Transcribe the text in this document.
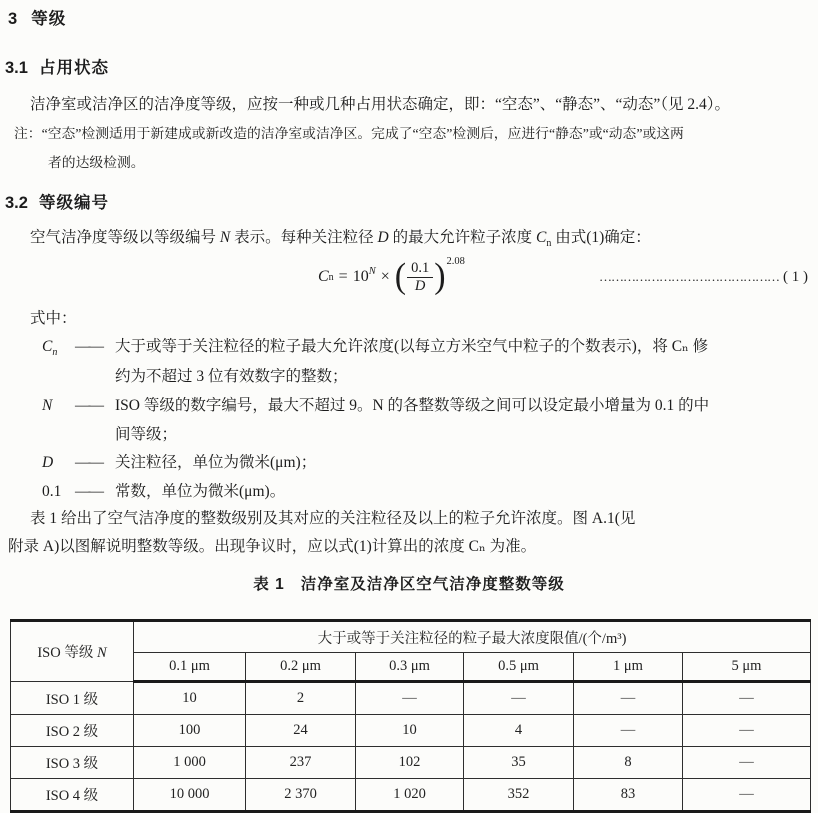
3 等级
3.1 占用状态
洁净室或洁净区的洁净度等级，应按一种或几种占用状态确定，即：“空态”、“静态”、“动态”（见 2.4）。
注：“空态”检测适用于新建成或新改造的洁净室或洁净区。完成了“空态”检测后，应进行“静态”或“动态”或这两
者的达级检测。
3.2 等级编号
空气洁净度等级以等级编号 N 表示。每种关注粒径 D 的最大允许粒子浓度 $C_n$ 由式(1)确定：
C n = 10 N × ( $\frac{0.1}{D}$ ) 2.08
……………………………………… ( 1 )
式中：
$C_n$	—— 大于或等于关注粒径的粒子最大允许浓度(以每立方米空气中粒子的个数表示)，将 Cₙ 修
约为不超过 3 位有效数字的整数；
N	—— ISO 等级的数字编号，最大不超过 9。N 的各整数等级之间可以设定最小增量为 0.1 的中
间等级；
D	—— 关注粒径，单位为微米(μm)；
0.1 —— 常数，单位为微米(μm)。
表 1 给出了空气洁净度的整数级别及其对应的关注粒径及以上的粒子允许浓度。图 A.1(见
附录 A)以图解说明整数等级。出现争议时，应以式(1)计算出的浓度 Cₙ 为准。
表 1 洁净室及洁净区空气洁净度整数等级
ISO 等级 N	大于或等于关注粒径的粒子最大浓度限值/(个/m³)					
	0.1 μm	0.2 μm	0.3 μm	0.5 μm	1 μm	5 μm
ISO 1 级	10	2	—	—	—	—
ISO 2 级	100	24	10	4	—	—
ISO 3 级	1 000	237	102	35	8	—
ISO 4 级	10 000	2 370	1 020	352	83	—
